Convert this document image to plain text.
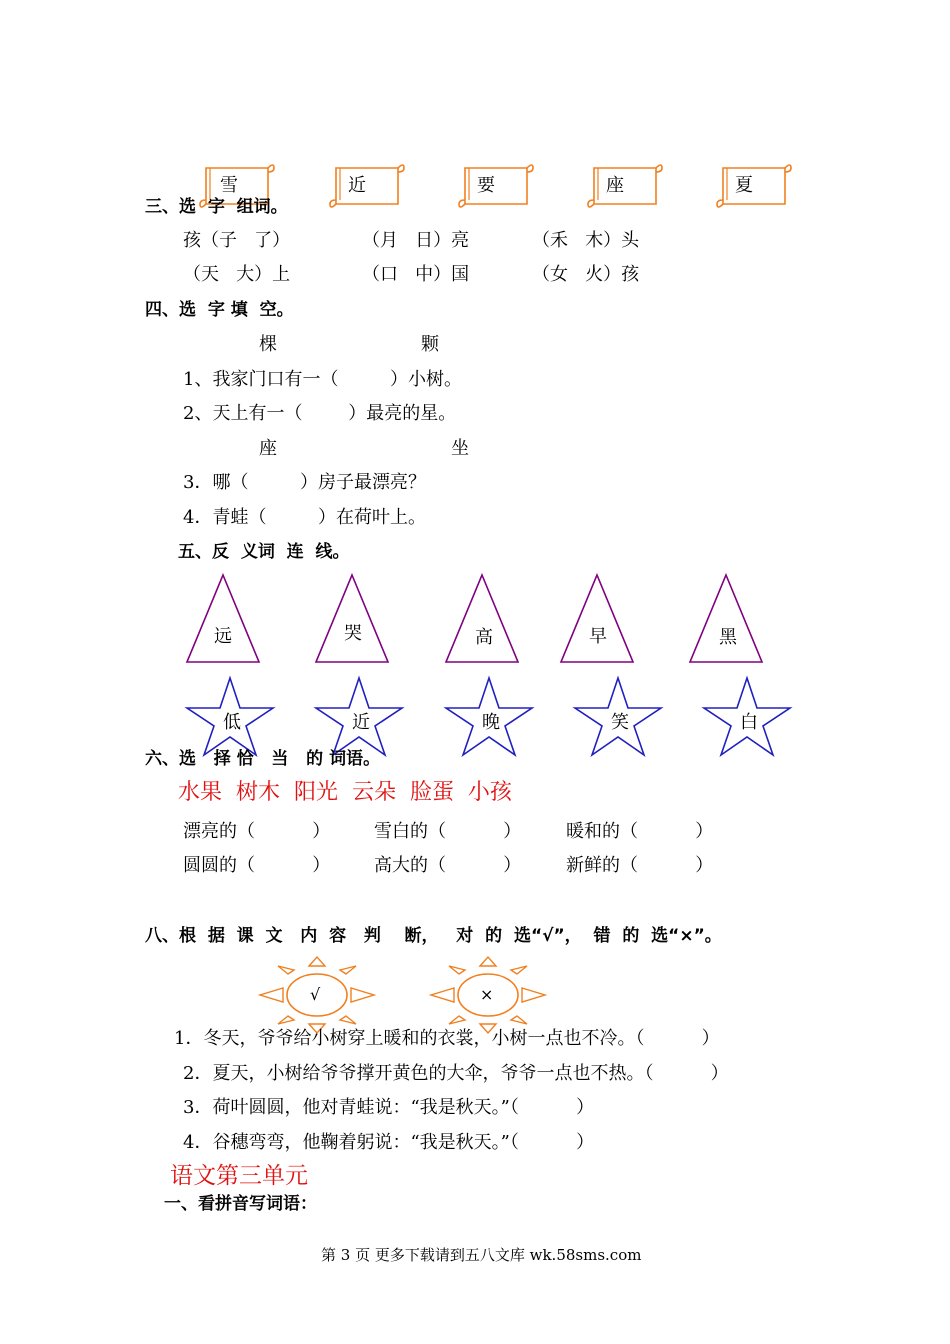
雪	近	要	座	夏
三、选  字  组词。
孩（子   了）	（月   日）亮	（禾   木）头
（天   大）上	（口   中）国	（女   火）孩
四、选  字 填  空。
棵	颗
1、我家门口有一（         ）小树。
2、天上有一（        ）最亮的星。
座	坐
3．哪（         ）房子最漂亮？
4．青蛙（         ）在荷叶上。
五、反  义词  连  线。
远	哭	高	早	黑
低	近	晚	笑	白
六、选   择 恰   当   的 词语。
水果  树木  阳光  云朵  脸蛋  小孩
漂亮的（          ） 雪白的（          ） 暖和的（          ）
圆圆的（          ） 高大的（          ） 新鲜的（          ）
八、根  据  课  文   内  容   判    断，   对  的  选“√”，  错  的  选“×”。
√	×
1．冬天，爷爷给小树穿上暖和的衣裳，小树一点也不冷。（          ）
2．夏天，小树给爷爷撑开黄色的大伞，爷爷一点也不热。（          ）
3．荷叶圆圆，他对青蛙说：“我是秋天。”（          ）
4．谷穗弯弯，他鞠着躬说：“我是秋天。”（          ）
语文第三单元
一、看拼音写词语：
第 3 页 更多下载请到五八文库 wk.58sms.com
